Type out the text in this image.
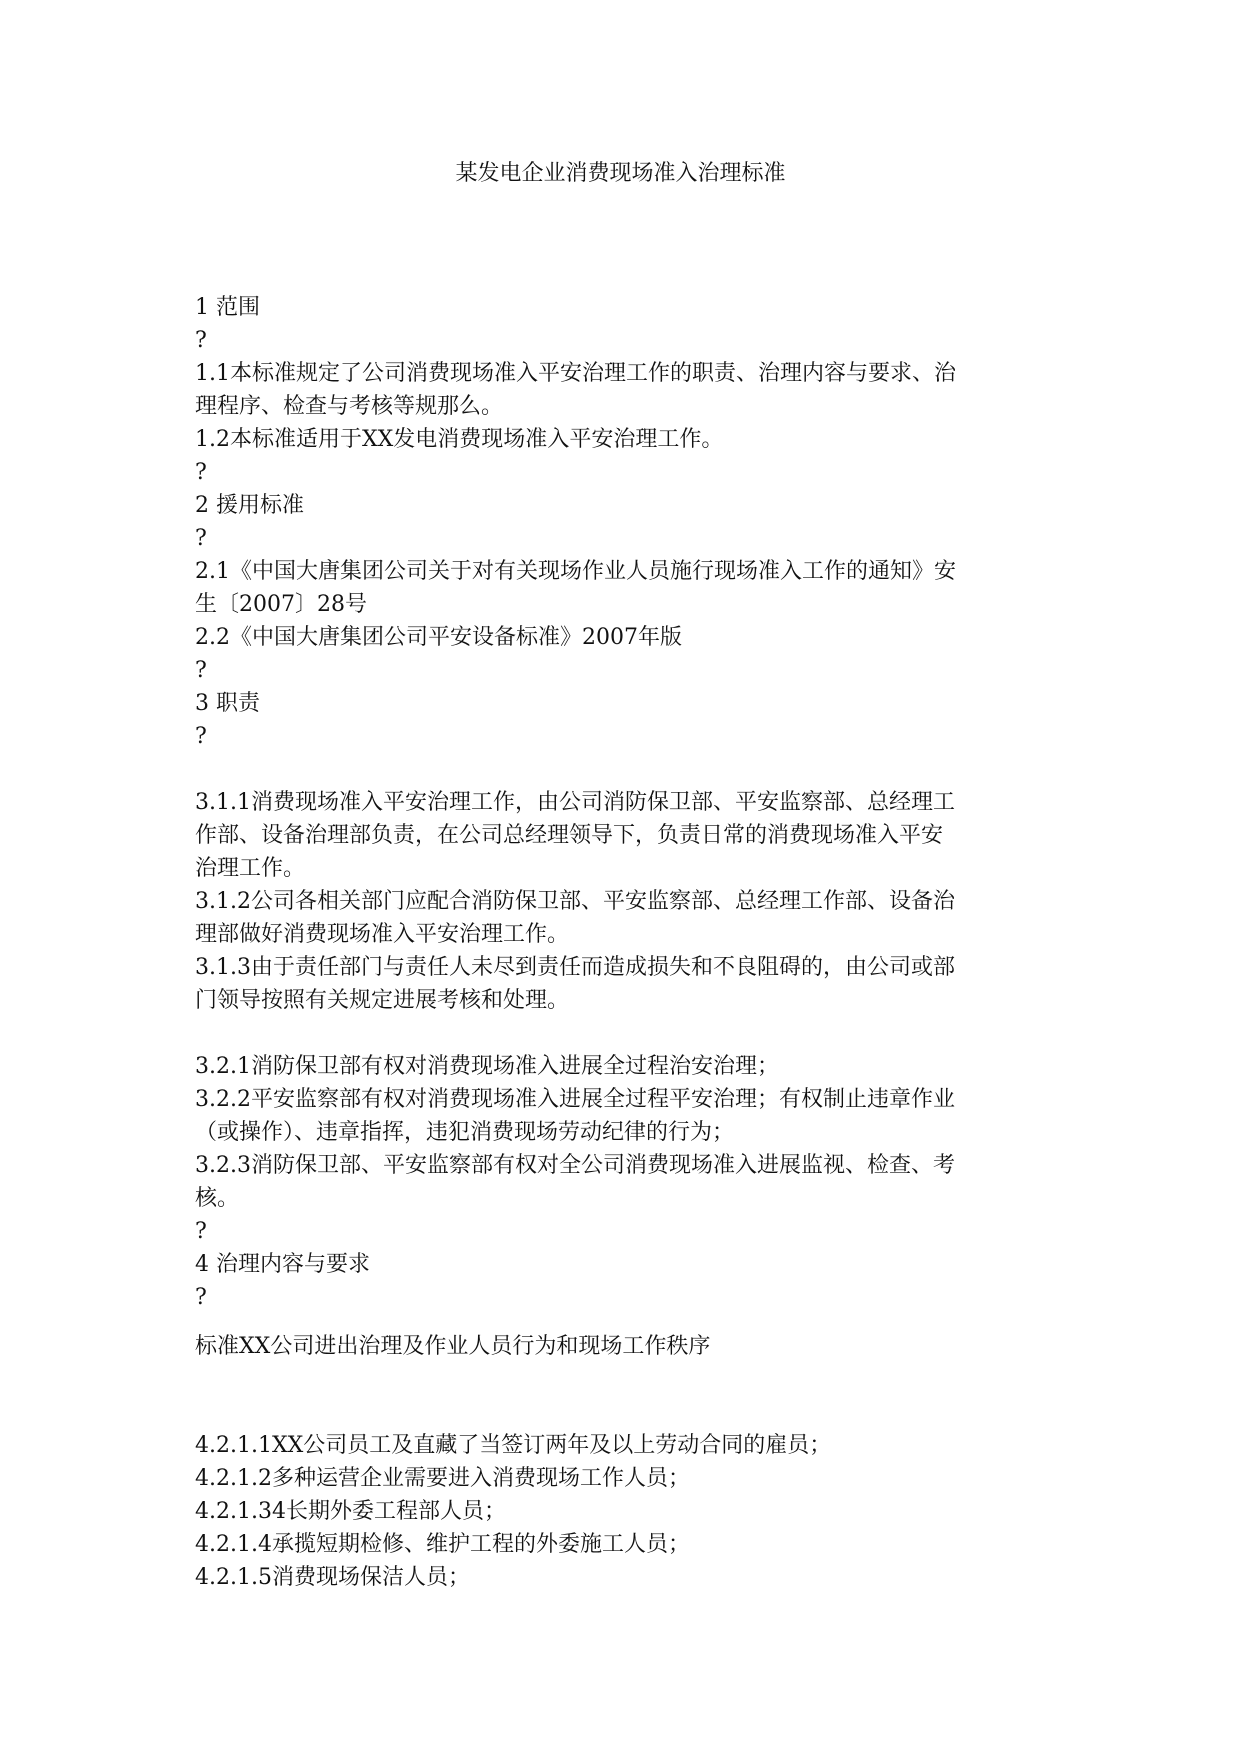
某发电企业消费现场准入治理标准

1 范围

?

1.1本标准规定了公司消费现场准入平安治理工作的职责、治理内容与要求、治

理程序、检查与考核等规那么。

1.2本标准适用于XX发电消费现场准入平安治理工作。

?

2 援用标准

?

2.1《中国大唐集团公司关于对有关现场作业人员施行现场准入工作的通知》安

生〔2007〕28号

2.2《中国大唐集团公司平安设备标准》2007年版

?

3 职责

?

3.1.1消费现场准入平安治理工作，由公司消防保卫部、平安监察部、总经理工

作部、设备治理部负责，在公司总经理领导下，负责日常的消费现场准入平安

治理工作。

3.1.2公司各相关部门应配合消防保卫部、平安监察部、总经理工作部、设备治

理部做好消费现场准入平安治理工作。

3.1.3由于责任部门与责任人未尽到责任而造成损失和不良阻碍的，由公司或部

门领导按照有关规定进展考核和处理。

3.2.1消防保卫部有权对消费现场准入进展全过程治安治理；

3.2.2平安监察部有权对消费现场准入进展全过程平安治理；有权制止违章作业

（或操作）、违章指挥，违犯消费现场劳动纪律的行为；

3.2.3消防保卫部、平安监察部有权对全公司消费现场准入进展监视、检查、考

核。

?

4 治理内容与要求

?

标准XX公司进出治理及作业人员行为和现场工作秩序

4.2.1.1XX公司员工及直藏了当签订两年及以上劳动合同的雇员；

4.2.1.2多种运营企业需要进入消费现场工作人员；

4.2.1.34长期外委工程部人员；

4.2.1.4承揽短期检修、维护工程的外委施工人员；

4.2.1.5消费现场保洁人员；
